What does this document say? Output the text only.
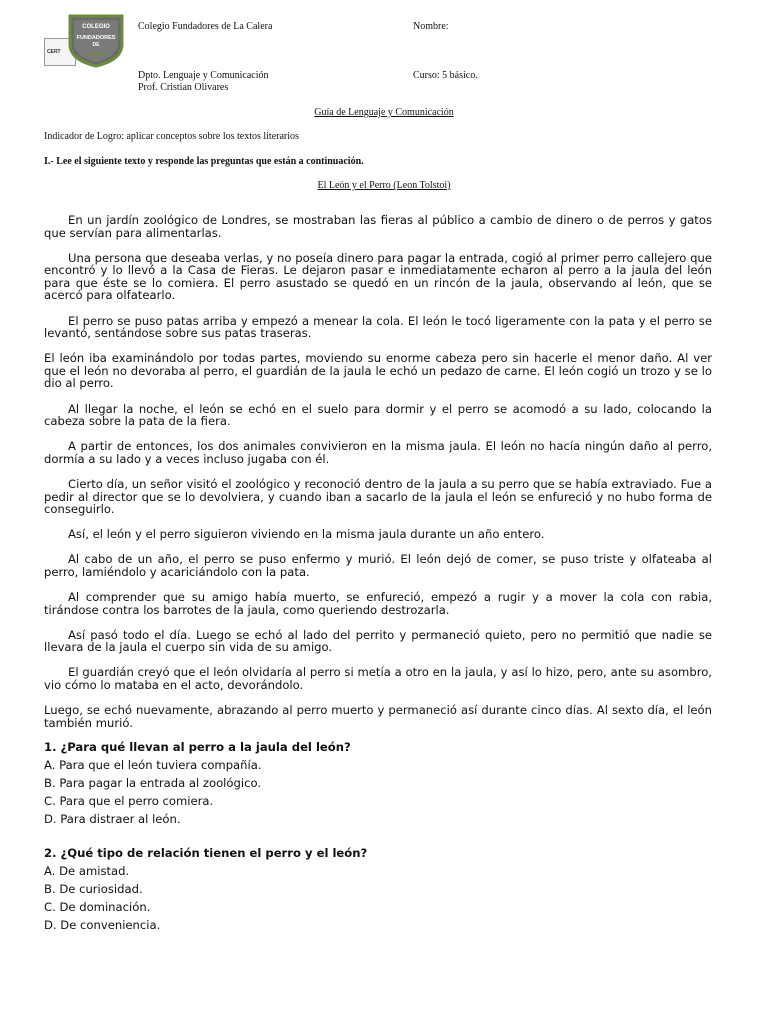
CERT
COLEGIO
FUNDADORES
DE
LA CALERA
Colegio Fundadores de La Calera	Nombre:
Dpto. Lenguaje y Comunicación	Curso: 5 básico.
Prof. Cristian Olivares
Guía de Lenguaje y Comunicación
Indicador de Logro: aplicar conceptos sobre los textos literarios
I.- Lee el siguiente texto y responde las preguntas que están a continuación.
El León y el Perro (Leon Tolstoi)

En un jardín zoológico de Londres, se mostraban las fieras al público a cambio de dinero o de perros y gatos que servían para alimentarlas.

Una persona que deseaba verlas, y no poseía dinero para pagar la entrada, cogió al primer perro callejero que encontró y lo llevó a la Casa de Fieras. Le dejaron pasar e inmediatamente echaron al perro a la jaula del león para que éste se lo comiera. El perro asustado se quedó en un rincón de la jaula, observando al león, que se acercó para olfatearlo.

El perro se puso patas arriba y empezó a menear la cola. El león le tocó ligeramente con la pata y el perro se levantó, sentándose sobre sus patas traseras.

El león iba examinándolo por todas partes, moviendo su enorme cabeza pero sin hacerle el menor daño. Al ver que el león no devoraba al perro, el guardián de la jaula le echó un pedazo de carne. El león cogió un trozo y se lo dio al perro.

Al llegar la noche, el león se echó en el suelo para dormir y el perro se acomodó a su lado, colocando la cabeza sobre la pata de la fiera.

A partir de entonces, los dos animales convivieron en la misma jaula. El león no hacía ningún daño al perro, dormía a su lado y a veces incluso jugaba con él.

Cierto día, un señor visitó el zoológico y reconoció dentro de la jaula a su perro que se había extraviado. Fue a pedir al director que se lo devolviera, y cuando iban a sacarlo de la jaula el león se enfureció y no hubo forma de conseguirlo.

Así, el león y el perro siguieron viviendo en la misma jaula durante un año entero.

Al cabo de un año, el perro se puso enfermo y murió. El león dejó de comer, se puso triste y olfateaba al perro, lamiéndolo y acariciándolo con la pata.

Al comprender que su amigo había muerto, se enfureció, empezó a rugir y a mover la cola con rabia, tirándose contra los barrotes de la jaula, como queriendo destrozarla.

Así pasó todo el día. Luego se echó al lado del perrito y permaneció quieto, pero no permitió que nadie se llevara de la jaula el cuerpo sin vida de su amigo.

El guardián creyó que el león olvidaría al perro si metía a otro en la jaula, y así lo hizo, pero, ante su asombro, vio cómo lo mataba en el acto, devorándolo.

Luego, se echó nuevamente, abrazando al perro muerto y permaneció así durante cinco días. Al sexto día, el león también murió.

1. ¿Para qué llevan al perro a la jaula del león?
A. Para que el león tuviera compañía.
B. Para pagar la entrada al zoológico.
C. Para que el perro comiera.
D. Para distraer al león.
2. ¿Qué tipo de relación tienen el perro y el león?
A. De amistad.
B. De curiosidad.
C. De dominación.
D. De conveniencia.
